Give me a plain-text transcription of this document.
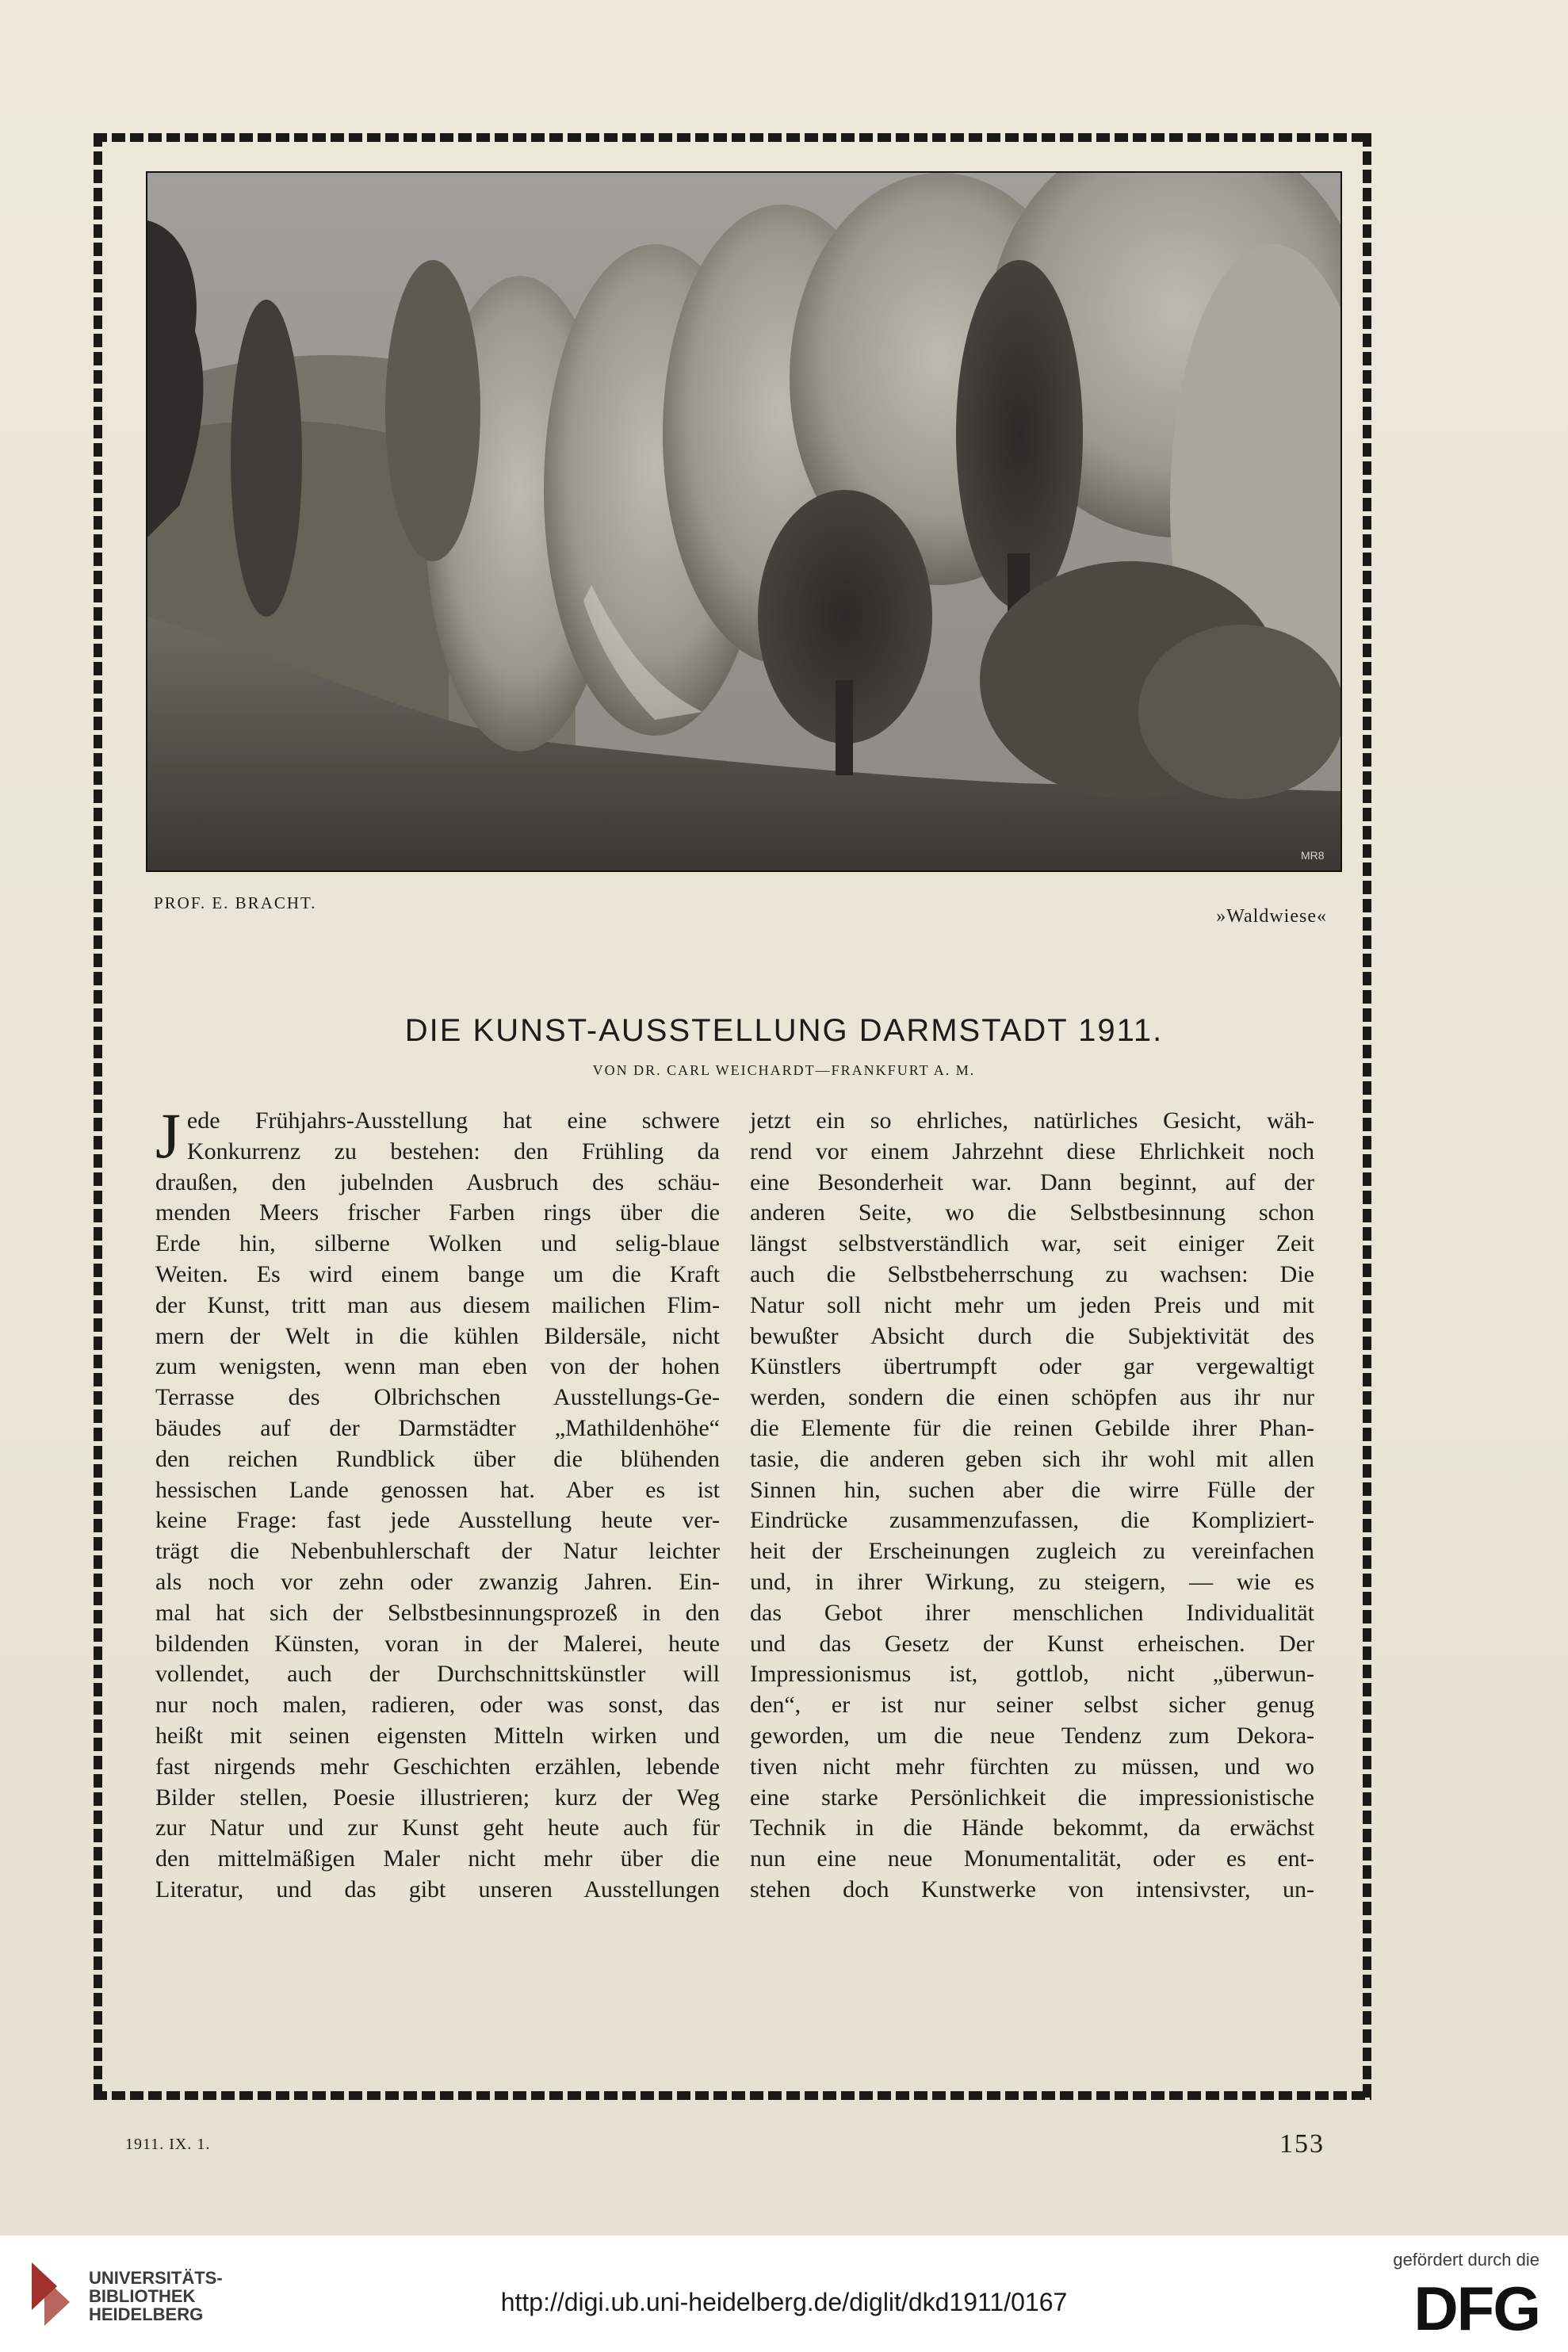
MR8
PROF. E. BRACHT.
»Waldwiese«
DIE KUNST-AUSSTELLUNG DARMSTADT 1911.
VON DR. CARL WEICHARDT—FRANKFURT A. M.
J ede Frühjahrs-Ausstellung hat eine schwere
Konkurrenz zu bestehen: den Frühling da
draußen, den jubelnden Ausbruch des schäu-
menden Meers frischer Farben rings über die
Erde hin, silberne Wolken und selig-blaue
Weiten. Es wird einem bange um die Kraft
der Kunst, tritt man aus diesem mailichen Flim-
mern der Welt in die kühlen Bildersäle, nicht
zum wenigsten, wenn man eben von der hohen
Terrasse des Olbrichschen Ausstellungs-Ge-
bäudes auf der Darmstädter „Mathildenhöhe“
den reichen Rundblick über die blühenden
hessischen Lande genossen hat. Aber es ist
keine Frage: fast jede Ausstellung heute ver-
trägt die Nebenbuhlerschaft der Natur leichter
als noch vor zehn oder zwanzig Jahren. Ein-
mal hat sich der Selbstbesinnungsprozeß in den
bildenden Künsten, voran in der Malerei, heute
vollendet, auch der Durchschnittskünstler will
nur noch malen, radieren, oder was sonst, das
heißt mit seinen eigensten Mitteln wirken und
fast nirgends mehr Geschichten erzählen, lebende
Bilder stellen, Poesie illustrieren; kurz der Weg
zur Natur und zur Kunst geht heute auch für
den mittelmäßigen Maler nicht mehr über die
Literatur, und das gibt unseren Ausstellungen
jetzt ein so ehrliches, natürliches Gesicht, wäh-
rend vor einem Jahrzehnt diese Ehrlichkeit noch
eine Besonderheit war. Dann beginnt, auf der
anderen Seite, wo die Selbstbesinnung schon
längst selbstverständlich war, seit einiger Zeit
auch die Selbstbeherrschung zu wachsen: Die
Natur soll nicht mehr um jeden Preis und mit
bewußter Absicht durch die Subjektivität des
Künstlers übertrumpft oder gar vergewaltigt
werden, sondern die einen schöpfen aus ihr nur
die Elemente für die reinen Gebilde ihrer Phan-
tasie, die anderen geben sich ihr wohl mit allen
Sinnen hin, suchen aber die wirre Fülle der
Eindrücke zusammenzufassen, die Kompliziert-
heit der Erscheinungen zugleich zu vereinfachen
und, in ihrer Wirkung, zu steigern, — wie es
das Gebot ihrer menschlichen Individualität
und das Gesetz der Kunst erheischen. Der
Impressionismus ist, gottlob, nicht „überwun-
den“, er ist nur seiner selbst sicher genug
geworden, um die neue Tendenz zum Dekora-
tiven nicht mehr fürchten zu müssen, und wo
eine starke Persönlichkeit die impressionistische
Technik in die Hände bekommt, da erwächst
nun eine neue Monumentalität, oder es ent-
stehen doch Kunstwerke von intensivster, un-
1911. IX. 1.	153
UNIVERSITÄTS-
BIBLIOTHEK
HEIDELBERG	http://digi.ub.uni-heidelberg.de/diglit/dkd1911/0167
gefördert durch die
DFG
